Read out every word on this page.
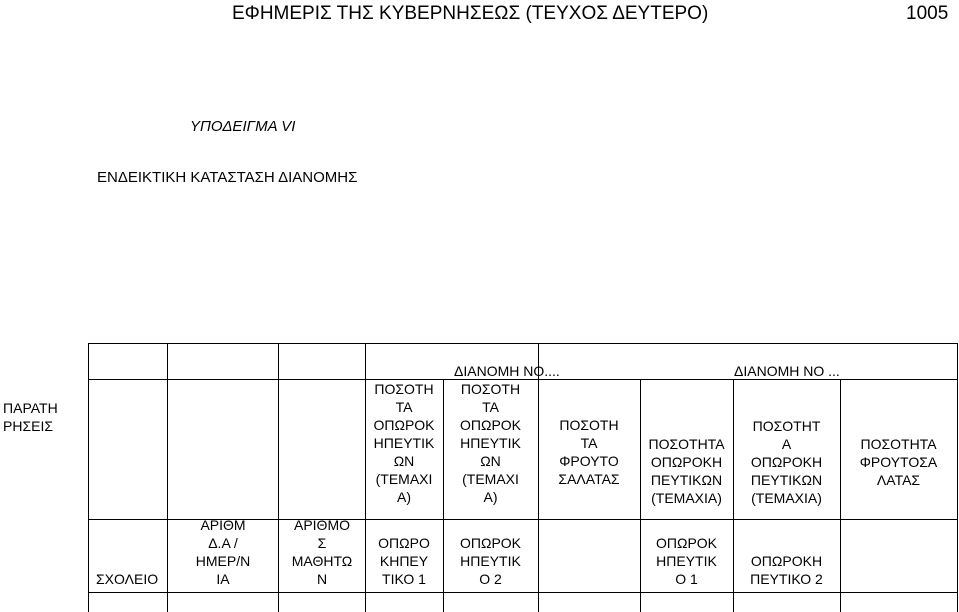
ΕΦΗΜΕΡΙΣ ΤΗΣ ΚΥΒΕΡΝΗΣΕΩΣ (ΤΕΥΧΟΣ ΔΕΥΤΕΡΟ)	1005
ΥΠΟΔΕΙΓΜΑ VI
ΕΝΔΕΙΚΤΙΚΗ ΚΑΤΑΣΤΑΣΗ ΔΙΑΝΟΜΗΣ
ΠΑΡΑΤΗ
ΡΗΣΕΙΣ
ΣΧΟΛΕΙΟ
ΑΡΙΘΜ
Δ.Α /
ΗΜΕΡ/Ν
ΙΑ
ΑΡΙΘΜΟ
Σ
ΜΑΘΗΤΩ
Ν
ΔΙΑΝΟΜΗ ΝΟ....
ΠΟΣΟΤΗ
ΤΑ
ΟΠΩΡΟΚ
ΗΠΕΥΤΙΚ
ΩΝ
(ΤΕΜΑΧΙ
Α)
ΠΟΣΟΤΗ
ΤΑ
ΟΠΩΡΟΚ
ΗΠΕΥΤΙΚ
ΩΝ
(ΤΕΜΑΧΙ
Α)
ΠΟΣΟΤΗ
ΤΑ
ΦΡΟΥΤΟ
ΣΑΛΑΤΑΣ
ΟΠΩΡΟ
ΚΗΠΕΥ
ΤΙΚΟ 1
ΟΠΩΡΟΚ
ΗΠΕΥΤΙΚ
Ο 2
ΔΙΑΝΟΜΗ ΝΟ ...
ΠΟΣΟΤΗΤΑ
ΟΠΩΡΟΚΗ
ΠΕΥΤΙΚΩΝ
(ΤΕΜΑΧΙΑ)
ΠΟΣΟΤΗΤ
Α
ΟΠΩΡΟΚΗ
ΠΕΥΤΙΚΩΝ
(ΤΕΜΑΧΙΑ)
ΠΟΣΟΤΗΤΑ
ΦΡΟΥΤΟΣΑ
ΛΑΤΑΣ
ΟΠΩΡΟΚ
ΗΠΕΥΤΙΚ
Ο 1
ΟΠΩΡΟΚΗ
ΠΕΥΤΙΚΟ 2
